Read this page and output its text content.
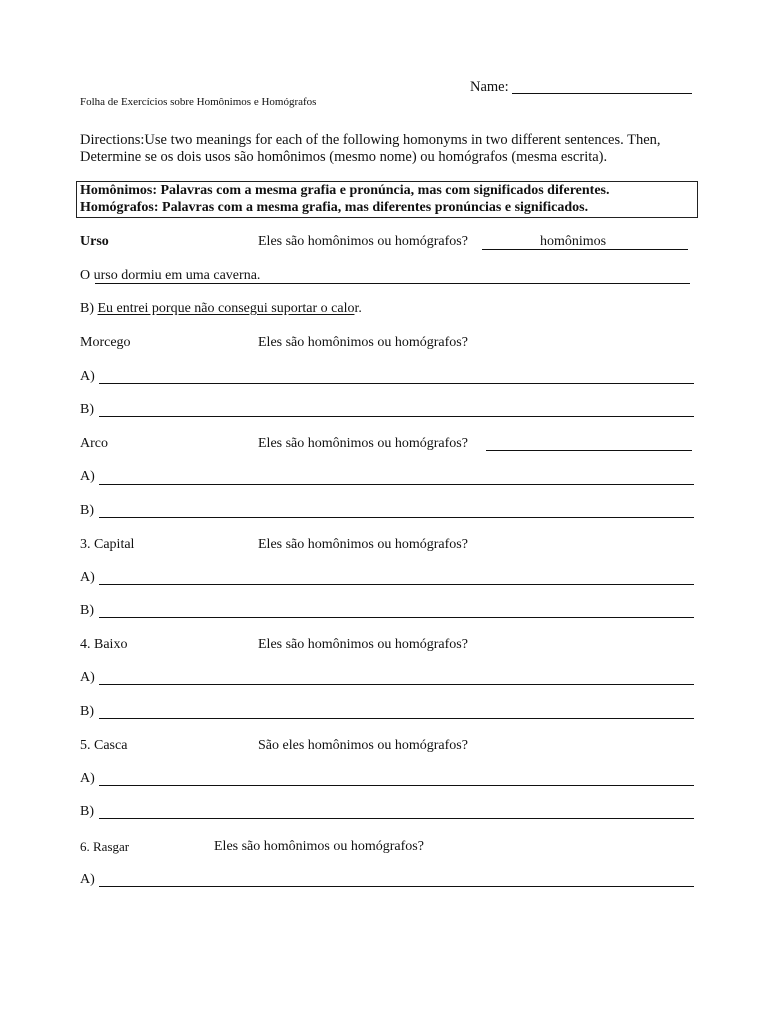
Name:
Folha de Exercícios sobre Homônimos e Homógrafos
Directions:Use two meanings for each of the following homonyms in two different sentences. Then,
Determine se os dois usos são homônimos (mesmo nome) ou homógrafos (mesma escrita).
Homônimos: Palavras com a mesma grafia e pronúncia, mas com significados diferentes.
Homógrafos: Palavras com a mesma grafia, mas diferentes pronúncias e significados.
Urso	Eles são homônimos ou homógrafos?	homônimos
O urso dormiu em uma caverna.
B) Eu entrei porque não consegui suportar o calor.
Morcego	Eles são homônimos ou homógrafos?
A)
B)
Arco	Eles são homônimos ou homógrafos?
A)
B)
3. Capital	Eles são homônimos ou homógrafos?
A)
B)
4. Baixo	Eles são homônimos ou homógrafos?
A)
B)
5. Casca	São eles homônimos ou homógrafos?
A)
B)
6. Rasgar	Eles são homônimos ou homógrafos?
A)
